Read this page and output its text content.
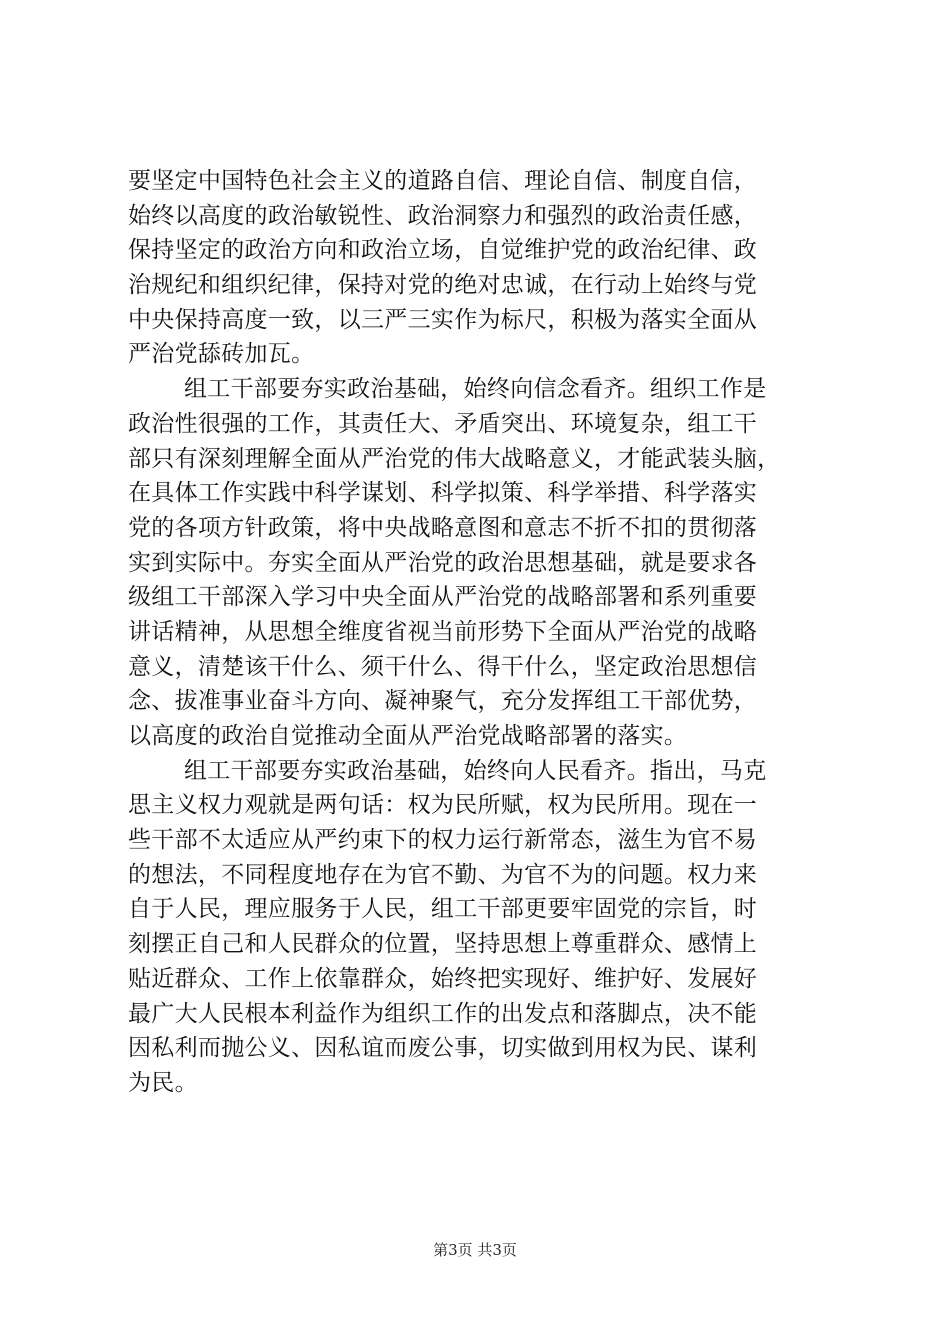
要坚定中国特色社会主义的道路自信、理论自信、制度自信，
始终以高度的政治敏锐性、政治洞察力和强烈的政治责任感，
保持坚定的政治方向和政治立场，自觉维护党的政治纪律、政
治规纪和组织纪律，保持对党的绝对忠诚，在行动上始终与党
中央保持高度一致，以三严三实作为标尺，积极为落实全面从
严治党舔砖加瓦。
组工干部要夯实政治基础，始终向信念看齐。组织工作是
政治性很强的工作，其责任大、矛盾突出、环境复杂，组工干
部只有深刻理解全面从严治党的伟大战略意义，才能武装头脑，
在具体工作实践中科学谋划、科学拟策、科学举措、科学落实
党的各项方针政策，将中央战略意图和意志不折不扣的贯彻落
实到实际中。夯实全面从严治党的政治思想基础，就是要求各
级组工干部深入学习中央全面从严治党的战略部署和系列重要
讲话精神，从思想全维度省视当前形势下全面从严治党的战略
意义，清楚该干什么、须干什么、得干什么，坚定政治思想信
念、拔准事业奋斗方向、凝神聚气，充分发挥组工干部优势，
以高度的政治自觉推动全面从严治党战略部署的落实。
组工干部要夯实政治基础，始终向人民看齐。指出，马克
思主义权力观就是两句话：权为民所赋，权为民所用。现在一
些干部不太适应从严约束下的权力运行新常态，滋生为官不易
的想法，不同程度地存在为官不勤、为官不为的问题。权力来
自于人民，理应服务于人民，组工干部更要牢固党的宗旨，时
刻摆正自己和人民群众的位置，坚持思想上尊重群众、感情上
贴近群众、工作上依靠群众，始终把实现好、维护好、发展好
最广大人民根本利益作为组织工作的出发点和落脚点，决不能
因私利而抛公义、因私谊而废公事，切实做到用权为民、谋利
为民。
第3页 共3页
